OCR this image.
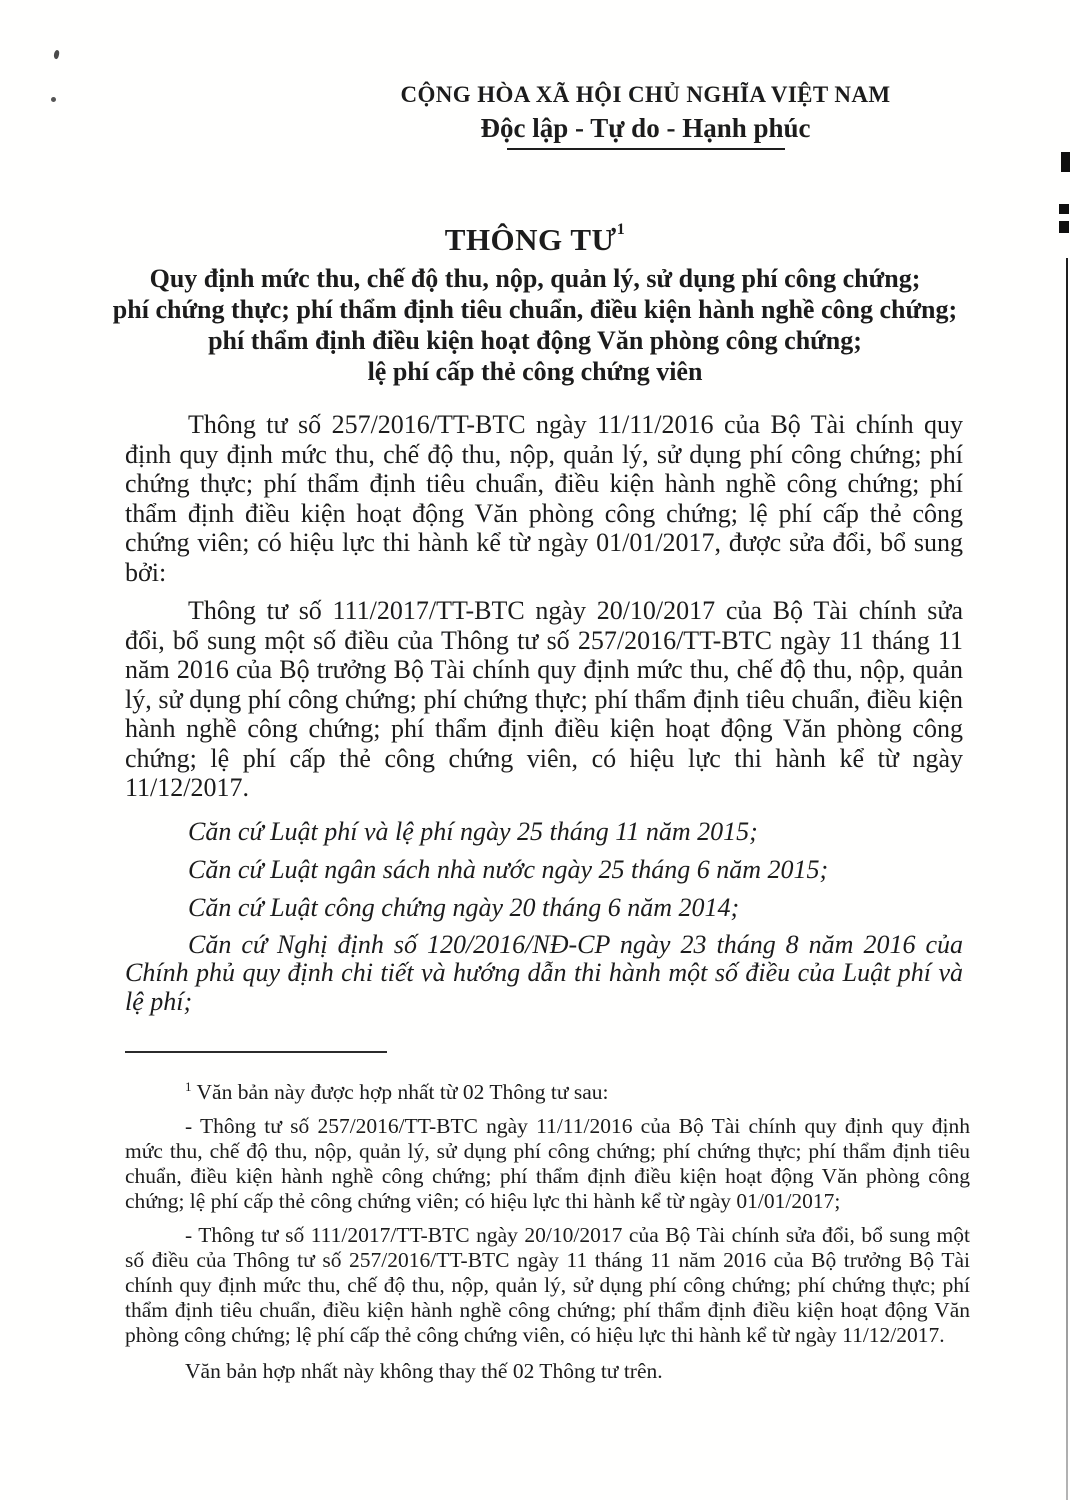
CỘNG HÒA XÃ HỘI CHỦ NGHĨA VIỆT NAM
Độc lập - Tự do - Hạnh phúc
THÔNG $TƯ^1$
Quy định mức thu, chế độ thu, nộp, quản lý, sử dụng phí công chứng;
phí chứng thực; phí thẩm định tiêu chuẩn, điều kiện hành nghề công chứng;
phí thẩm định điều kiện hoạt động Văn phòng công chứng;
lệ phí cấp thẻ công chứng viên

Thông tư số 257/2016/TT-BTC ngày 11/11/2016 của Bộ Tài chính quy định quy định mức thu, chế độ thu, nộp, quản lý, sử dụng phí công chứng; phí chứng thực; phí thẩm định tiêu chuẩn, điều kiện hành nghề công chứng; phí thẩm định điều kiện hoạt động Văn phòng công chứng; lệ phí cấp thẻ công chứng viên; có hiệu lực thi hành kể từ ngày 01/01/2017, được sửa đổi, bổ sung bởi:

Thông tư số 111/2017/TT-BTC ngày 20/10/2017 của Bộ Tài chính sửa đổi, bổ sung một số điều của Thông tư số 257/2016/TT-BTC ngày 11 tháng 11 năm 2016 của Bộ trưởng Bộ Tài chính quy định mức thu, chế độ thu, nộp, quản lý, sử dụng phí công chứng; phí chứng thực; phí thẩm định tiêu chuẩn, điều kiện hành nghề công chứng; phí thẩm định điều kiện hoạt động Văn phòng công chứng; lệ phí cấp thẻ công chứng viên, có hiệu lực thi hành kể từ ngày 11/12/2017.

Căn cứ Luật phí và lệ phí ngày 25 tháng 11 năm 2015;

Căn cứ Luật ngân sách nhà nước ngày 25 tháng 6 năm 2015;

Căn cứ Luật công chứng ngày 20 tháng 6 năm 2014;

Căn cứ Nghị định số 120/2016/NĐ-CP ngày 23 tháng 8 năm 2016 của Chính phủ quy định chi tiết và hướng dẫn thi hành một số điều của Luật phí và lệ phí;

$^1$ Văn bản này được hợp nhất từ 02 Thông tư sau:

- Thông tư số 257/2016/TT-BTC ngày 11/11/2016 của Bộ Tài chính quy định quy định mức thu, chế độ thu, nộp, quản lý, sử dụng phí công chứng; phí chứng thực; phí thẩm định tiêu chuẩn, điều kiện hành nghề công chứng; phí thẩm định điều kiện hoạt động Văn phòng công chứng; lệ phí cấp thẻ công chứng viên; có hiệu lực thi hành kể từ ngày 01/01/2017;

- Thông tư số 111/2017/TT-BTC ngày 20/10/2017 của Bộ Tài chính sửa đổi, bổ sung một số điều của Thông tư số 257/2016/TT-BTC ngày 11 tháng 11 năm 2016 của Bộ trưởng Bộ Tài chính quy định mức thu, chế độ thu, nộp, quản lý, sử dụng phí công chứng; phí chứng thực; phí thẩm định tiêu chuẩn, điều kiện hành nghề công chứng; phí thẩm định điều kiện hoạt động Văn phòng công chứng; lệ phí cấp thẻ công chứng viên, có hiệu lực thi hành kể từ ngày 11/12/2017.

Văn bản hợp nhất này không thay thế 02 Thông tư trên.
